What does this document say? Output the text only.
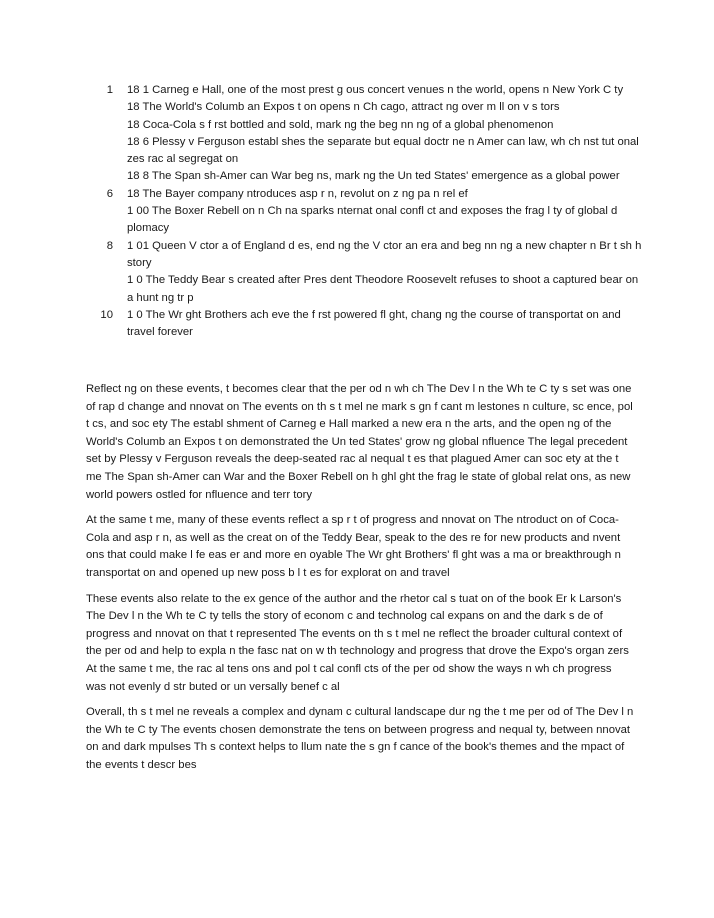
1 18 1 Carneg e Hall, one of the most prest g ous concert venues n the world, opens n New York C ty
18 The World's Columb an Expos t on opens n Ch cago, attract ng over m ll on v s tors
18 Coca-Cola s f rst bottled and sold, mark ng the beg nn ng of a global phenomenon
18 6 Plessy v Ferguson establ shes the separate but equal doctr ne n Amer can law, wh ch nst tut onal zes rac al segregat on
18 8 The Span sh-Amer can War beg ns, mark ng the Un ted States' emergence as a global power
6 18 The Bayer company ntroduces asp r n, revolut on z ng pa n rel ef
1 00 The Boxer Rebell on n Ch na sparks nternat onal confl ct and exposes the frag l ty of global d plomacy
8 1 01 Queen V ctor a of England d es, end ng the V ctor an era and beg nn ng a new chapter n Br t sh h story
1 0 The Teddy Bear s created after Pres dent Theodore Roosevelt refuses to shoot a captured bear on a hunt ng tr p
10 1 0 The Wr ght Brothers ach eve the f rst powered fl ght, chang ng the course of transportat on and travel forever

Reflect ng on these events, t becomes clear that the per od n wh ch The Dev l n the Wh te C ty s set was one of rap d change and nnovat on The events on th s t mel ne mark s gn f cant m lestones n culture, sc ence, pol t cs, and soc ety The establ shment of Carneg e Hall marked a new era n the arts, and the open ng of the World's Columb an Expos t on demonstrated the Un ted States' grow ng global nfluence The legal precedent set by Plessy v Ferguson reveals the deep-seated rac al nequal t es that plagued Amer can soc ety at the t me The Span sh-Amer can War and the Boxer Rebell on h ghl ght the frag le state of global relat ons, as new world powers ostled for nfluence and terr tory

At the same t me, many of these events reflect a sp r t of progress and nnovat on The ntroduct on of Coca-Cola and asp r n, as well as the creat on of the Teddy Bear, speak to the des re for new products and nvent ons that could make l fe eas er and more en oyable The Wr ght Brothers' fl ght was a ma or breakthrough n transportat on and opened up new poss b l t es for explorat on and travel

These events also relate to the ex gence of the author and the rhetor cal s tuat on of the book Er k Larson's The Dev l n the Wh te C ty tells the story of econom c and technolog cal expans on and the dark s de of progress and nnovat on that t represented The events on th s t mel ne reflect the broader cultural context of the per od and help to expla n the fasc nat on w th technology and progress that drove the Expo's organ zers At the same t me, the rac al tens ons and pol t cal confl cts of the per od show the ways n wh ch progress was not evenly d str buted or un versally benef c al

Overall, th s t mel ne reveals a complex and dynam c cultural landscape dur ng the t me per od of The Dev l n the Wh te C ty The events chosen demonstrate the tens on between progress and nequal ty, between nnovat on and dark mpulses Th s context helps to llum nate the s gn f cance of the book's themes and the mpact of the events t descr bes
